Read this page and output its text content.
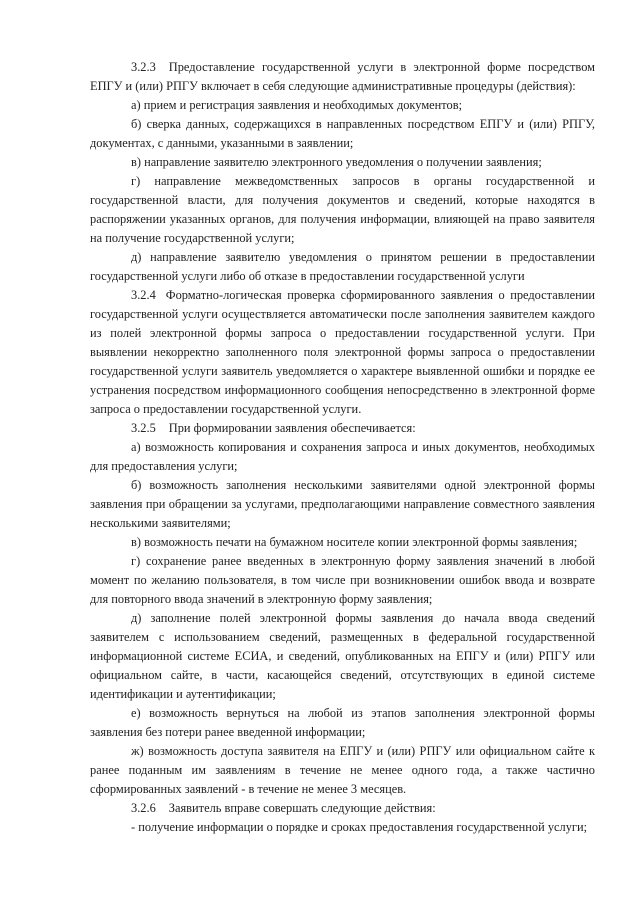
3.2.3 Предоставление государственной услуги в электронной форме посредством ЕПГУ и (или) РПГУ включает в себя следующие административные процедуры (действия):

а) прием и регистрация заявления и необходимых документов;

б) сверка данных, содержащихся в направленных посредством ЕПГУ и (или) РПГУ, документах, с данными, указанными в заявлении;

в) направление заявителю электронного уведомления о получении заявления;

г) направление межведомственных запросов в органы государственной и государственной власти, для получения документов и сведений, которые находятся в распоряжении указанных органов, для получения информации, влияющей на право заявителя на получение государственной услуги;

д) направление заявителю уведомления о принятом решении в предоставлении государственной услуги либо об отказе в предоставлении государственной услуги

3.2.4 Форматно-логическая проверка сформированного заявления о предоставлении государственной услуги осуществляется автоматически после заполнения заявителем каждого из полей электронной формы запроса о предоставлении государственной услуги. При выявлении некорректно заполненного поля электронной формы запроса о предоставлении государственной услуги заявитель уведомляется о характере выявленной ошибки и порядке ее устранения посредством информационного сообщения непосредственно в электронной форме запроса о предоставлении государственной услуги.

3.2.5 При формировании заявления обеспечивается:

а) возможность копирования и сохранения запроса и иных документов, необходимых для предоставления услуги;

б) возможность заполнения несколькими заявителями одной электронной формы заявления при обращении за услугами, предполагающими направление совместного заявления несколькими заявителями;

в) возможность печати на бумажном носителе копии электронной формы заявления;

г) сохранение ранее введенных в электронную форму заявления значений в любой момент по желанию пользователя, в том числе при возникновении ошибок ввода и возврате для повторного ввода значений в электронную форму заявления;

д) заполнение полей электронной формы заявления до начала ввода сведений заявителем с использованием сведений, размещенных в федеральной государственной информационной системе ЕСИА, и сведений, опубликованных на ЕПГУ и (или) РПГУ или официальном сайте, в части, касающейся сведений, отсутствующих в единой системе идентификации и аутентификации;

е) возможность вернуться на любой из этапов заполнения электронной формы заявления без потери ранее введенной информации;

ж) возможность доступа заявителя на ЕПГУ и (или) РПГУ или официальном сайте к ранее поданным им заявлениям в течение не менее одного года, а также частично сформированных заявлений - в течение не менее 3 месяцев.

3.2.6 Заявитель вправе совершать следующие действия:

- получение информации о порядке и сроках предоставления государственной услуги;
